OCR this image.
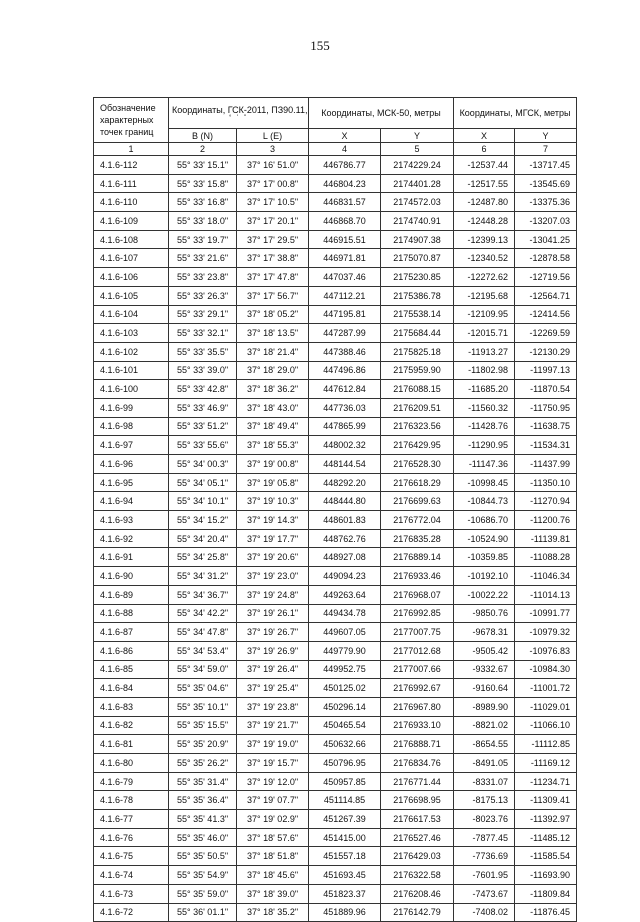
155
Обозначение характерных точек границ	Координаты, ГСК-2011, ПЗ90.11,
° ' "		Координаты, МСК-50, метры		Координаты, МГСК, метры	
	B (N)	L (E)	X	Y	X	Y
1	2	3	4	5	6	7
4.1.6-112	55° 33' 15.1"	37° 16' 51.0"	446786.77	2174229.24	-12537.44	-13717.45
4.1.6-111	55° 33' 15.8"	37° 17' 00.8"	446804.23	2174401.28	-12517.55	-13545.69
4.1.6-110	55° 33' 16.8"	37° 17' 10.5"	446831.57	2174572.03	-12487.80	-13375.36
4.1.6-109	55° 33' 18.0"	37° 17' 20.1"	446868.70	2174740.91	-12448.28	-13207.03
4.1.6-108	55° 33' 19.7"	37° 17' 29.5"	446915.51	2174907.38	-12399.13	-13041.25
4.1.6-107	55° 33' 21.6"	37° 17' 38.8"	446971.81	2175070.87	-12340.52	-12878.58
4.1.6-106	55° 33' 23.8"	37° 17' 47.8"	447037.46	2175230.85	-12272.62	-12719.56
4.1.6-105	55° 33' 26.3"	37° 17' 56.7"	447112.21	2175386.78	-12195.68	-12564.71
4.1.6-104	55° 33' 29.1"	37° 18' 05.2"	447195.81	2175538.14	-12109.95	-12414.56
4.1.6-103	55° 33' 32.1"	37° 18' 13.5"	447287.99	2175684.44	-12015.71	-12269.59
4.1.6-102	55° 33' 35.5"	37° 18' 21.4"	447388.46	2175825.18	-11913.27	-12130.29
4.1.6-101	55° 33' 39.0"	37° 18' 29.0"	447496.86	2175959.90	-11802.98	-11997.13
4.1.6-100	55° 33' 42.8"	37° 18' 36.2"	447612.84	2176088.15	-11685.20	-11870.54
4.1.6-99	55° 33' 46.9"	37° 18' 43.0"	447736.03	2176209.51	-11560.32	-11750.95
4.1.6-98	55° 33' 51.2"	37° 18' 49.4"	447865.99	2176323.56	-11428.76	-11638.75
4.1.6-97	55° 33' 55.6"	37° 18' 55.3"	448002.32	2176429.95	-11290.95	-11534.31
4.1.6-96	55° 34' 00.3"	37° 19' 00.8"	448144.54	2176528.30	-11147.36	-11437.99
4.1.6-95	55° 34' 05.1"	37° 19' 05.8"	448292.20	2176618.29	-10998.45	-11350.10
4.1.6-94	55° 34' 10.1"	37° 19' 10.3"	448444.80	2176699.63	-10844.73	-11270.94
4.1.6-93	55° 34' 15.2"	37° 19' 14.3"	448601.83	2176772.04	-10686.70	-11200.76
4.1.6-92	55° 34' 20.4"	37° 19' 17.7"	448762.76	2176835.28	-10524.90	-11139.81
4.1.6-91	55° 34' 25.8"	37° 19' 20.6"	448927.08	2176889.14	-10359.85	-11088.28
4.1.6-90	55° 34' 31.2"	37° 19' 23.0"	449094.23	2176933.46	-10192.10	-11046.34
4.1.6-89	55° 34' 36.7"	37° 19' 24.8"	449263.64	2176968.07	-10022.22	-11014.13
4.1.6-88	55° 34' 42.2"	37° 19' 26.1"	449434.78	2176992.85	-9850.76	-10991.77
4.1.6-87	55° 34' 47.8"	37° 19' 26.7"	449607.05	2177007.75	-9678.31	-10979.32
4.1.6-86	55° 34' 53.4"	37° 19' 26.9"	449779.90	2177012.68	-9505.42	-10976.83
4.1.6-85	55° 34' 59.0"	37° 19' 26.4"	449952.75	2177007.66	-9332.67	-10984.30
4.1.6-84	55° 35' 04.6"	37° 19' 25.4"	450125.02	2176992.67	-9160.64	-11001.72
4.1.6-83	55° 35' 10.1"	37° 19' 23.8"	450296.14	2176967.80	-8989.90	-11029.01
4.1.6-82	55° 35' 15.5"	37° 19' 21.7"	450465.54	2176933.10	-8821.02	-11066.10
4.1.6-81	55° 35' 20.9"	37° 19' 19.0"	450632.66	2176888.71	-8654.55	-11112.85
4.1.6-80	55° 35' 26.2"	37° 19' 15.7"	450796.95	2176834.76	-8491.05	-11169.12
4.1.6-79	55° 35' 31.4"	37° 19' 12.0"	450957.85	2176771.44	-8331.07	-11234.71
4.1.6-78	55° 35' 36.4"	37° 19' 07.7"	451114.85	2176698.95	-8175.13	-11309.41
4.1.6-77	55° 35' 41.3"	37° 19' 02.9"	451267.39	2176617.53	-8023.76	-11392.97
4.1.6-76	55° 35' 46.0"	37° 18' 57.6"	451415.00	2176527.46	-7877.45	-11485.12
4.1.6-75	55° 35' 50.5"	37° 18' 51.8"	451557.18	2176429.03	-7736.69	-11585.54
4.1.6-74	55° 35' 54.9"	37° 18' 45.6"	451693.45	2176322.58	-7601.95	-11693.90
4.1.6-73	55° 35' 59.0"	37° 18' 39.0"	451823.37	2176208.46	-7473.67	-11809.84
4.1.6-72	55° 36' 01.1"	37° 18' 35.2"	451889.96	2176142.79	-7408.02	-11876.45
